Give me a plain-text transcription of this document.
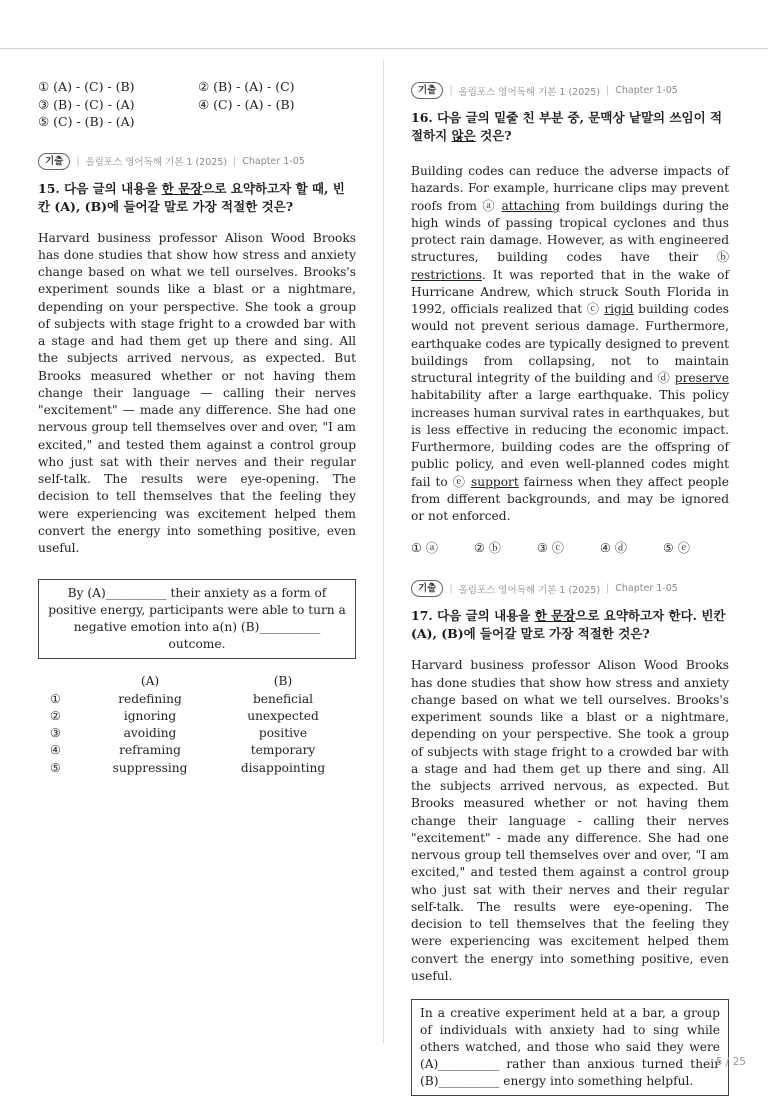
① (A) - (C) - (B)	② (B) - (A) - (C)
③ (B) - (C) - (A)	④ (C) - (A) - (B)
⑤ (C) - (B) - (A)
기출	| 올림포스 영어독해 기본 1 (2025) | Chapter 1-05
15. 다음 글의 내용을 한 문장으로 요약하고자 할 때, 빈칸 (A), (B)에 들어갈 말로 가장 적절한 것은?
Harvard business professor Alison Wood Brooks has done studies that show how stress and anxiety change based on what we tell ourselves. Brooks's experiment sounds like a blast or a nightmare, depending on your perspective. She took a group of subjects with stage fright to a crowded bar with a stage and had them get up there and sing. All the subjects arrived nervous, as expected. But Brooks measured whether or not having them change their language — calling their nerves "excitement" — made any difference. She had one nervous group tell themselves over and over, "I am excited," and tested them against a control group who just sat with their nerves and their regular self-talk. The results were eye-opening. The decision to tell themselves that the feeling they were experiencing was excitement helped them convert the energy into something positive, even useful.
By (A)__________ their anxiety as a form of positive energy, participants were able to turn a negative emotion into a(n) (B)__________ outcome.
	(A)	(B)
①	redefining	beneficial
②	ignoring	unexpected
③	avoiding	positive
④	reframing	temporary
⑤	suppressing	disappointing
기출	| 올림포스 영어독해 기본 1 (2025) | Chapter 1-05
16. 다음 글의 밑줄 친 부분 중, 문맥상 낱말의 쓰임이 적절하지 않은 것은?
Building codes can reduce the adverse impacts of hazards. For example, hurricane clips may prevent roofs from ⓐ attaching from buildings during the high winds of passing tropical cyclones and thus protect rain damage. However, as with engineered structures, building codes have their ⓑ restrictions. It was reported that in the wake of Hurricane Andrew, which struck South Florida in 1992, officials realized that ⓒ rigid building codes would not prevent serious damage. Furthermore, earthquake codes are typically designed to prevent buildings from collapsing, not to maintain structural integrity of the building and ⓓ preserve habitability after a large earthquake. This policy increases human survival rates in earthquakes, but is less effective in reducing the economic impact. Furthermore, building codes are the offspring of public policy, and even well-planned codes might fail to ⓔ support fairness when they affect people from different backgrounds, and may be ignored or not enforced.
① ⓐ	② ⓑ	③ ⓒ	④ ⓓ	⑤ ⓔ
기출	| 올림포스 영어독해 기본 1 (2025) | Chapter 1-05
17. 다음 글의 내용을 한 문장으로 요약하고자 한다. 빈칸 (A), (B)에 들어갈 말로 가장 적절한 것은?
Harvard business professor Alison Wood Brooks has done studies that show how stress and anxiety change based on what we tell ourselves. Brooks's experiment sounds like a blast or a nightmare, depending on your perspective. She took a group of subjects with stage fright to a crowded bar with a stage and had them get up there and sing. All the subjects arrived nervous, as expected. But Brooks measured whether or not having them change their language - calling their nerves "excitement" - made any difference. She had one nervous group tell themselves over and over, "I am excited," and tested them against a control group who just sat with their nerves and their regular self-talk. The results were eye-opening. The decision to tell themselves that the feeling they were experiencing was excitement helped them convert the energy into something positive, even useful.
In a creative experiment held at a bar, a group of individuals with anxiety had to sing while others watched, and those who said they were (A)__________ rather than anxious turned their (B)__________ energy into something helpful.
5 / 25
